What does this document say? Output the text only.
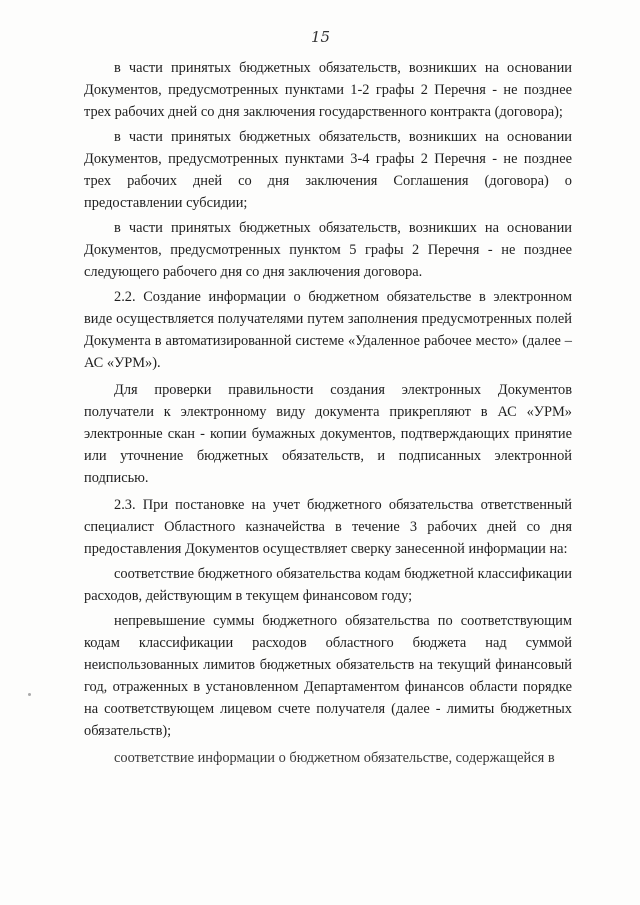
15

в части принятых бюджетных обязательств, возникших на основании Документов, предусмотренных пунктами 1-2 графы 2 Перечня - не позднее трех рабочих дней со дня заключения государственного контракта (договора);

в части принятых бюджетных обязательств, возникших на основании Документов, предусмотренных пунктами 3-4 графы 2 Перечня - не позднее трех рабочих дней со дня заключения Соглашения (договора) о предоставлении субсидии;

в части принятых бюджетных обязательств, возникших на основании Документов, предусмотренных пунктом 5 графы 2 Перечня - не позднее следующего рабочего дня со дня заключения договора.

2.2. Создание информации о бюджетном обязательстве в электронном виде осуществляется получателями путем заполнения предусмотренных полей Документа в автоматизированной системе «Удаленное рабочее место» (далее – АС «УРМ»).

Для проверки правильности создания электронных Документов получатели к электронному виду документа прикрепляют в АС «УРМ» электронные скан - копии бумажных документов, подтверждающих принятие или уточнение бюджетных обязательств, и подписанных электронной подписью.

2.3. При постановке на учет бюджетного обязательства ответственный специалист Областного казначейства в течение 3 рабочих дней со дня предоставления Документов осуществляет сверку занесенной информации на:

соответствие бюджетного обязательства кодам бюджетной классификации расходов, действующим в текущем финансовом году;

непревышение суммы бюджетного обязательства по соответствующим кодам классификации расходов областного бюджета над суммой неиспользованных лимитов бюджетных обязательств на текущий финансовый год, отраженных в установленном Департаментом финансов области порядке на соответствующем лицевом счете получателя (далее - лимиты бюджетных обязательств);

соответствие информации о бюджетном обязательстве, содержащейся в
